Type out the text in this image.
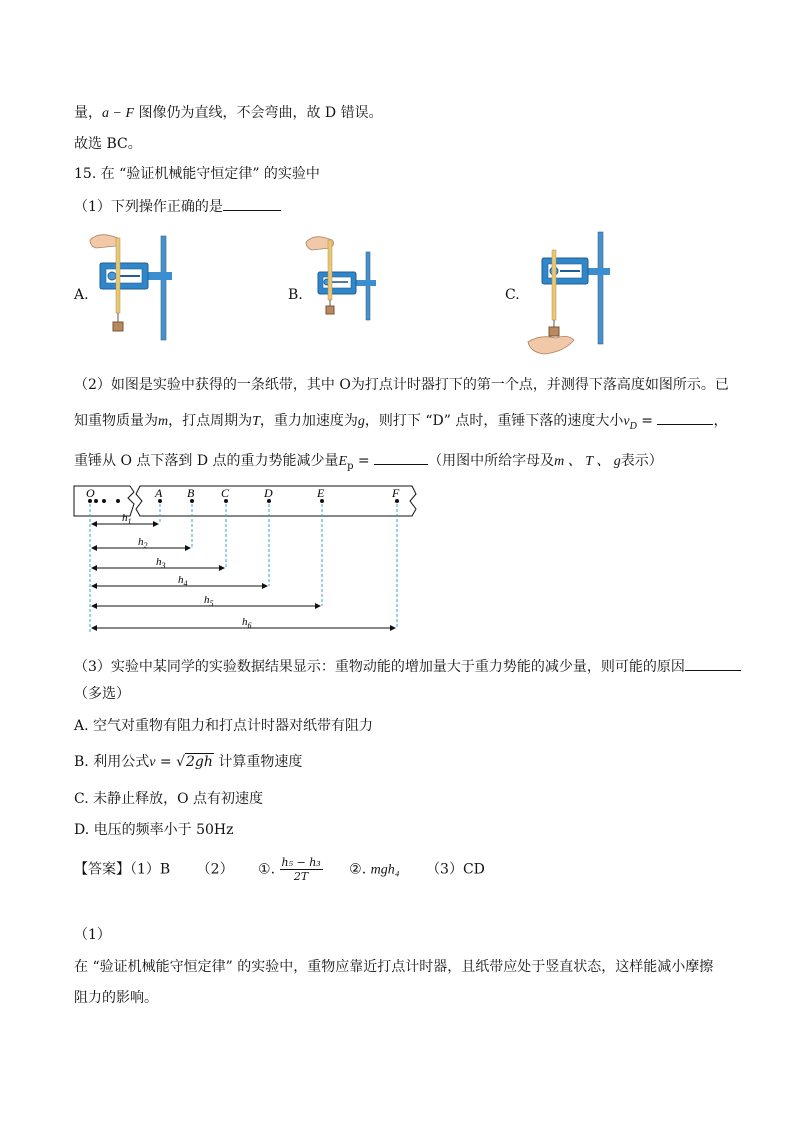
量，a − F 图像仍为直线，不会弯曲，故 D 错误。
故选 BC。
15. 在 “验证机械能守恒定律” 的实验中
（1）下列操作正确的是
A.	B.	C.
（2）如图是实验中获得的一条纸带，其中 O为打点计时器打下的第一个点，并测得下落高度如图所示。已
知重物质量为m，打点周期为T，重力加速度为g，则打下 “D” 点时，重锤下落的速度大小$v_D$ =	，
重锤从 O 点下落到 D 点的重力势能减少量$E_p$ =	（用图中所给字母及m 、 T 、 g表示）
O	A B C	D	E	F
$h_1$
$h_2$
$h_3$
$h_4$
$h_5$
$h_6$
（3）实验中某同学的实验数据结果显示：重物动能的增加量大于重力势能的减少量，则可能的原因
（多选）
A. 空气对重物有阻力和打点计时器对纸带有阻力
B. 利用公式v = √2gh 计算重物速度
C. 未静止释放，O 点有初速度
D. 电压的频率小于 50Hz
【答案】（1）B （2） ①. $\frac{\text{h₅ − h₃}}{2T}$ ②. mgh₄ （3）CD
（1）
在 “验证机械能守恒定律” 的实验中，重物应靠近打点计时器，且纸带应处于竖直状态，这样能减小摩擦
阻力的影响。
